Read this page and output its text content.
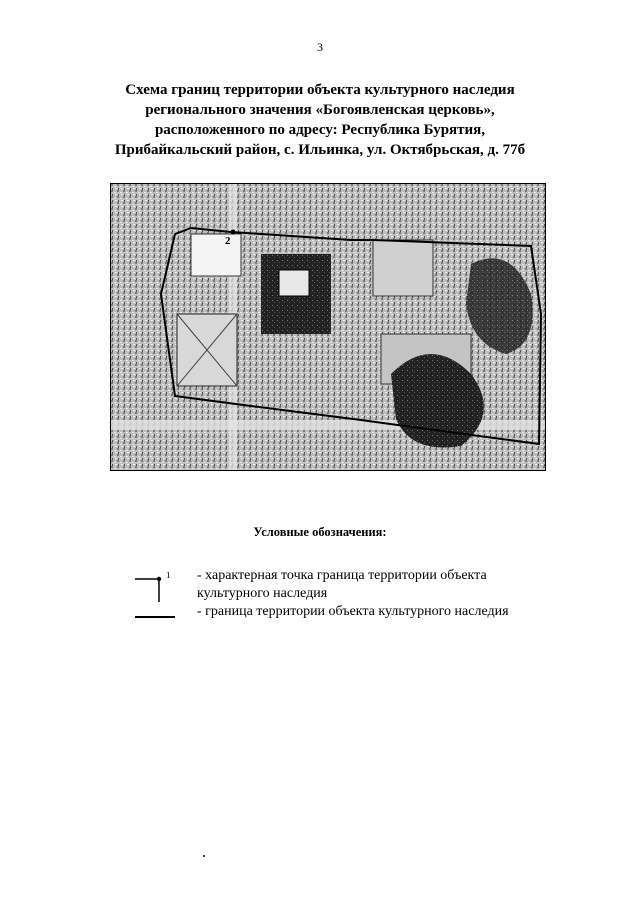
3
Схема границ территории объекта культурного наследия
регионального значения «Богоявленская церковь»,
расположенного по адресу: Республика Бурятия,
Прибайкальский район, с. Ильинка, ул. Октябрьская, д. 77б
2
Условные обозначения:
1 - характерная точка граница территории объекта
культурного наследия
- граница территории объекта культурного наследия
